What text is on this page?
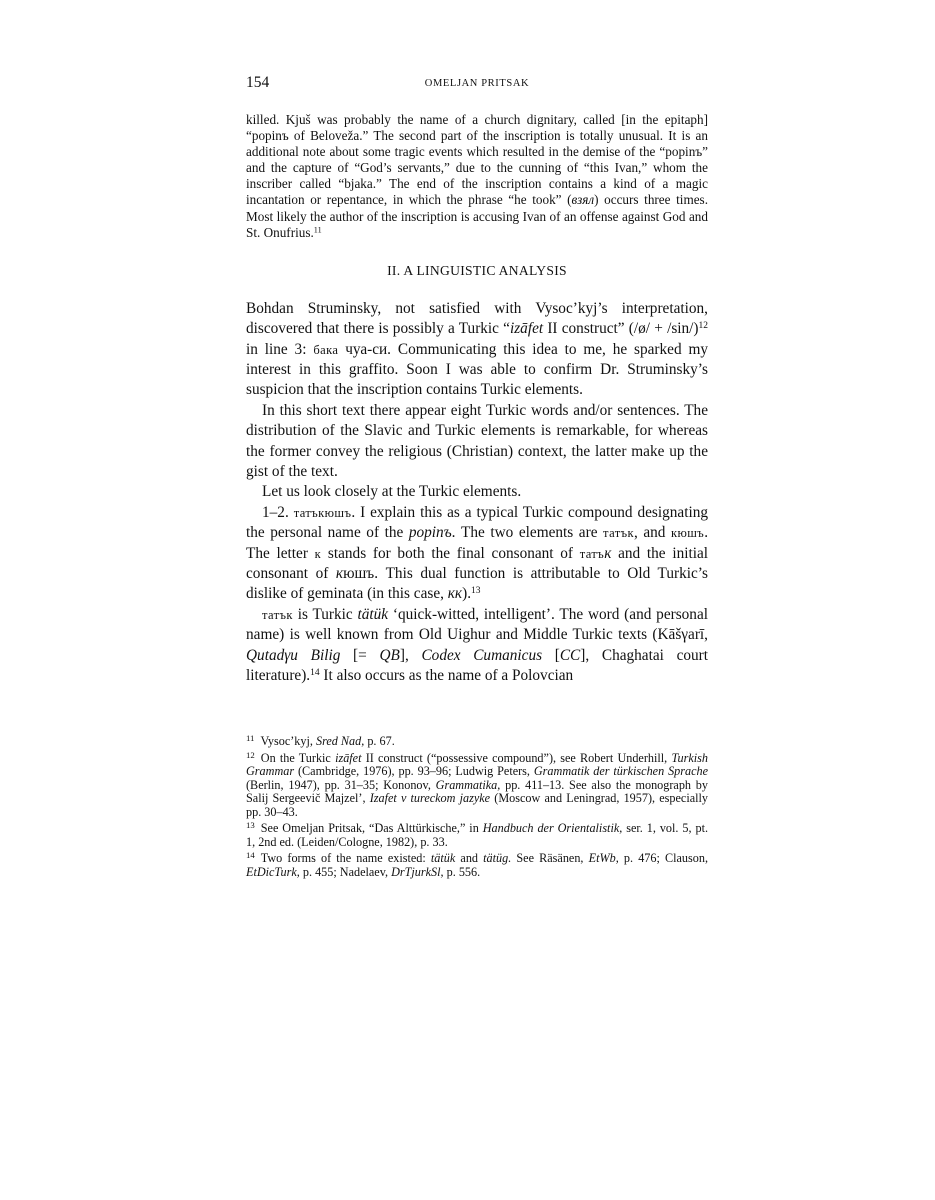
154	OMELJAN PRITSAK

killed. Kjuš was probably the name of a church dignitary, called [in the epitaph] “popinъ of Beloveža.” The second part of the inscription is totally unusual. It is an additional note about some tragic events which resulted in the demise of the “popinъ” and the capture of “God’s servants,” due to the cunning of “this Ivan,” whom the inscriber called “bjaka.” The end of the inscription contains a kind of a magic incantation or repentance, in which the phrase “he took” (взял) occurs three times. Most likely the author of the inscription is accusing Ivan of an offense against God and St. Onufrius.$^{11}$

II. A LINGUISTIC ANALYSIS

Bohdan Struminsky, not satisfied with Vysoc’kyj’s interpretation, discovered that there is possibly a Turkic “izāfet II construct” (/ø/ + /sin/)$^{12}$ in line 3: бака чуа-си. Communicating this idea to me, he sparked my interest in this graffito. Soon I was able to confirm Dr. Struminsky’s suspicion that the inscription contains Turkic elements.

In this short text there appear eight Turkic words and/or sentences. The distribution of the Slavic and Turkic elements is remarkable, for whereas the former convey the religious (Christian) context, the latter make up the gist of the text.

Let us look closely at the Turkic elements.

1–2. татъкюшъ. I explain this as a typical Turkic compound designating the personal name of the popinъ. The two elements are татък, and кюшъ. The letter к stands for both the final consonant of татък and the initial consonant of кюшъ. This dual function is attributable to Old Turkic’s dislike of geminata (in this case, кк).$^{13}$

татък is Turkic tätük ‘quick-witted, intelligent’. The word (and personal name) is well known from Old Uighur and Middle Turkic texts (Kāšγarī, Qutadγu Bilig [= QB], Codex Cumanicus [CC], Chaghatai court literature).$^{14}$ It also occurs as the name of a Polovcian

$^{11}$ Vysoc’kyj, Sred Nad, p. 67.

$^{12}$ On the Turkic izāfet II construct (“possessive compound”), see Robert Underhill, Turkish Grammar (Cambridge, 1976), pp. 93–96; Ludwig Peters, Grammatik der türkischen Sprache (Berlin, 1947), pp. 31–35; Kononov, Grammatika, pp. 411–13. See also the monograph by Salij Sergeevič Majzel’, Izafet v tureckom jazyke (Moscow and Leningrad, 1957), especially pp. 30–43.

$^{13}$ See Omeljan Pritsak, “Das Alttürkische,” in Handbuch der Orientalistik, ser. 1, vol. 5, pt. 1, 2nd ed. (Leiden/Cologne, 1982), p. 33.

$^{14}$ Two forms of the name existed: tätük and tätüg. See Räsänen, EtWb, p. 476; Clauson, EtDicTurk, p. 455; Nadelaev, DrTjurkSl, p. 556.
